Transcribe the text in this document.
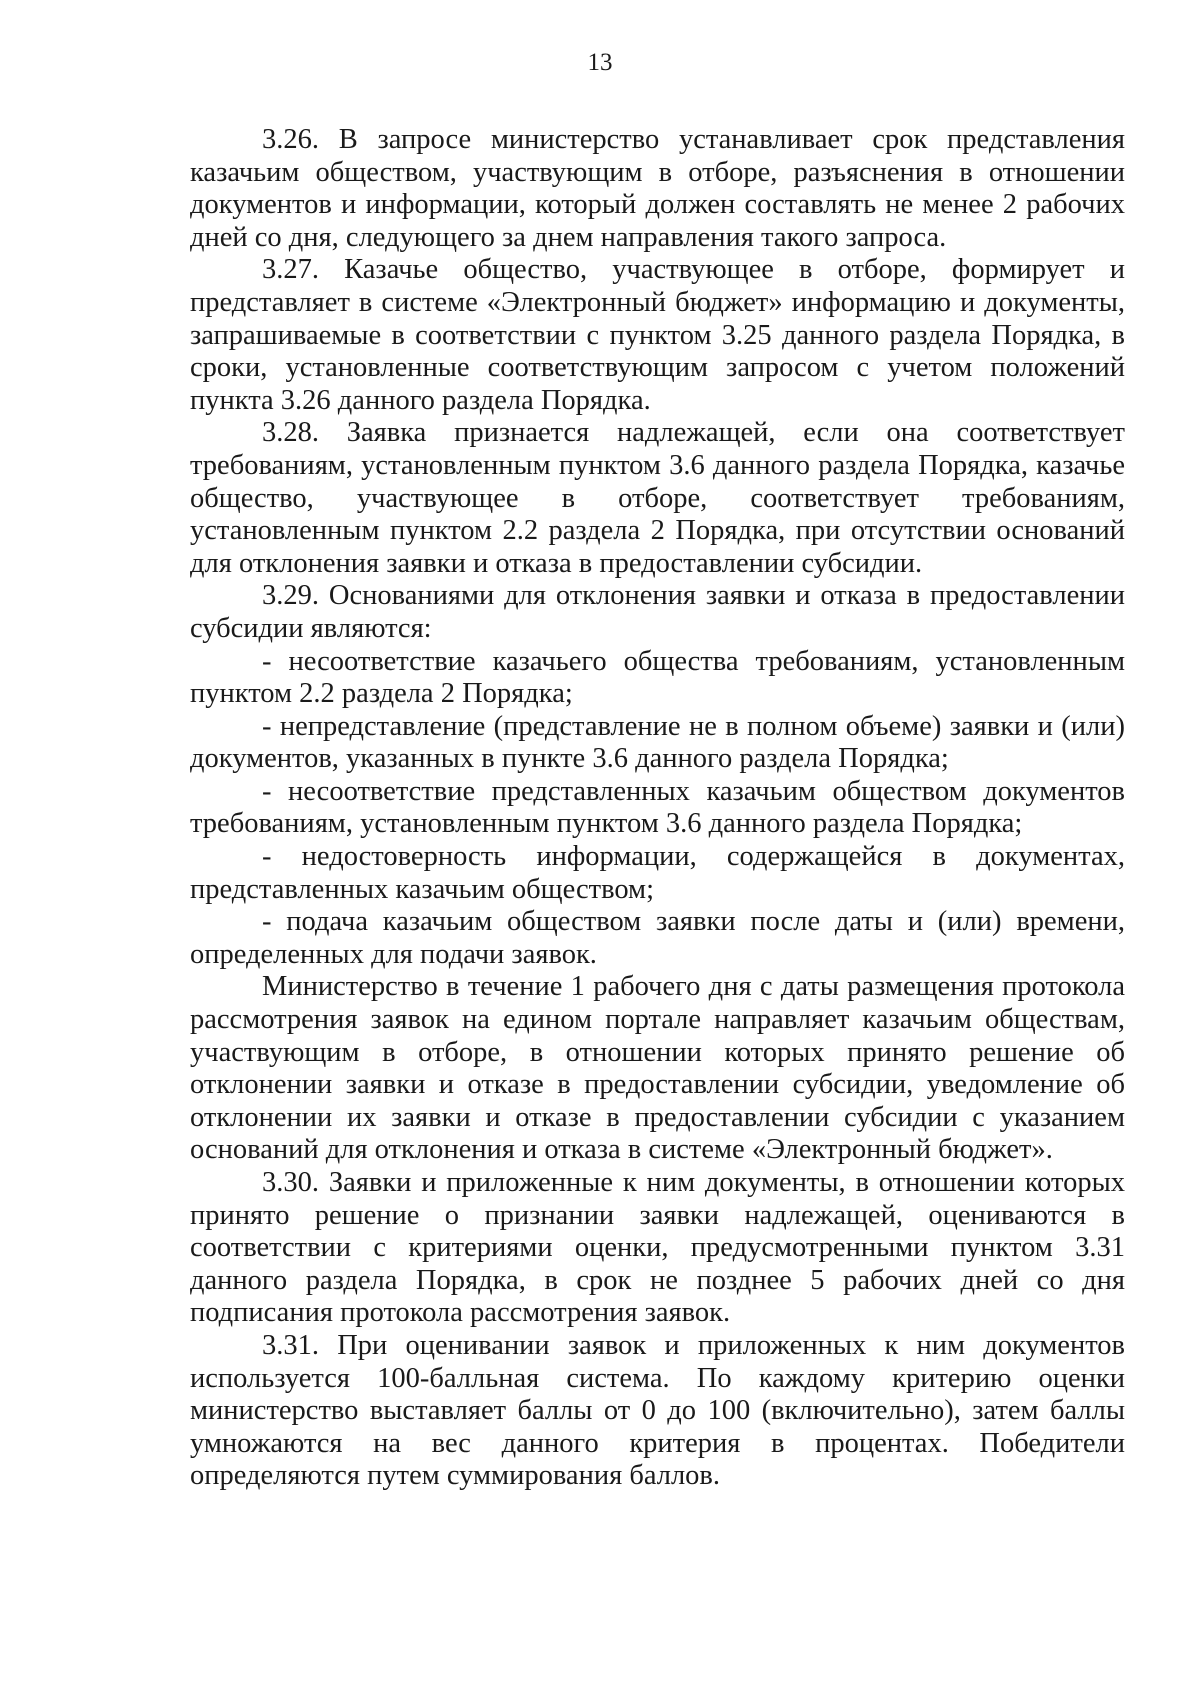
13

3.26. В запросе министерство устанавливает срок представления казачьим обществом, участвующим в отборе, разъяснения в отношении документов и информации, который должен составлять не менее 2 рабочих дней со дня, следующего за днем направления такого запроса.

3.27. Казачье общество, участвующее в отборе, формирует и представляет в системе «Электронный бюджет» информацию и документы, запрашиваемые в соответствии с пунктом 3.25 данного раздела Порядка, в сроки, установленные соответствующим запросом с учетом положений пункта 3.26 данного раздела Порядка.

3.28. Заявка признается надлежащей, если она соответствует требованиям, установленным пунктом 3.6 данного раздела Порядка, казачье общество, участвующее в отборе, соответствует требованиям, установленным пунктом 2.2 раздела 2 Порядка, при отсутствии оснований для отклонения заявки и отказа в предоставлении субсидии.

3.29. Основаниями для отклонения заявки и отказа в предоставлении субсидии являются:

- несоответствие казачьего общества требованиям, установленным пунктом 2.2 раздела 2 Порядка;

- непредставление (представление не в полном объеме) заявки и (или) документов, указанных в пункте 3.6 данного раздела Порядка;

- несоответствие представленных казачьим обществом документов требованиям, установленным пунктом 3.6 данного раздела Порядка;

- недостоверность информации, содержащейся в документах, представленных казачьим обществом;

- подача казачьим обществом заявки после даты и (или) времени, определенных для подачи заявок.

Министерство в течение 1 рабочего дня с даты размещения протокола рассмотрения заявок на едином портале направляет казачьим обществам, участвующим в отборе, в отношении которых принято решение об отклонении заявки и отказе в предоставлении субсидии, уведомление об отклонении их заявки и отказе в предоставлении субсидии с указанием оснований для отклонения и отказа в системе «Электронный бюджет».

3.30. Заявки и приложенные к ним документы, в отношении которых принято решение о признании заявки надлежащей, оцениваются в соответствии с критериями оценки, предусмотренными пунктом 3.31 данного раздела Порядка, в срок не позднее 5 рабочих дней со дня подписания протокола рассмотрения заявок.

3.31. При оценивании заявок и приложенных к ним документов используется 100-балльная система. По каждому критерию оценки министерство выставляет баллы от 0 до 100 (включительно), затем баллы умножаются на вес данного критерия в процентах. Победители определяются путем суммирования баллов.
